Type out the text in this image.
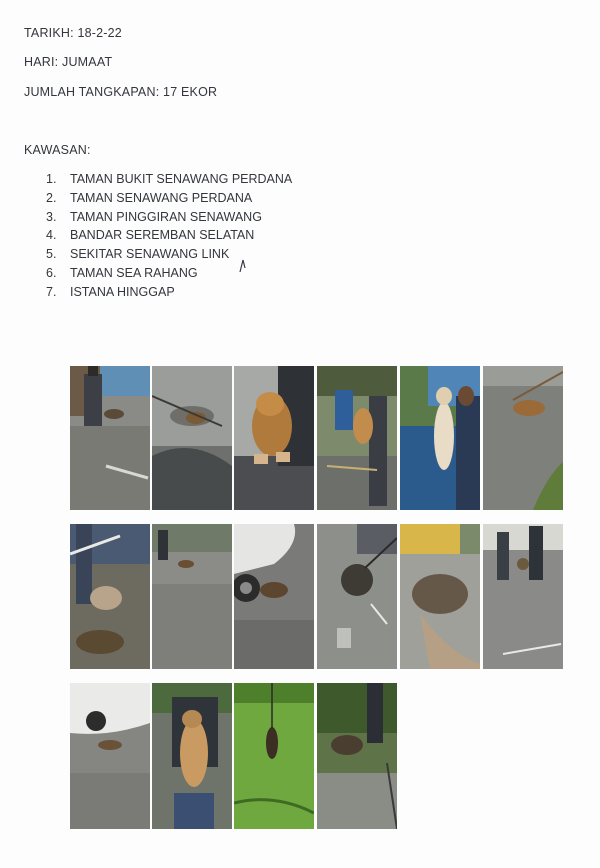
TARIKH: 18-2-22
HARI: JUMAAT
JUMLAH TANGKAPAN: 17 EKOR
KAWASAN:
1. TAMAN BUKIT SENAWANG PERDANA
2. TAMAN SENAWANG PERDANA
3. TAMAN PINGGIRAN SENAWANG
4. BANDAR SEREMBAN SELATAN
5. SEKITAR SENAWANG LINK
6. TAMAN SEA RAHANG
7. ISTANA HINGGAP
